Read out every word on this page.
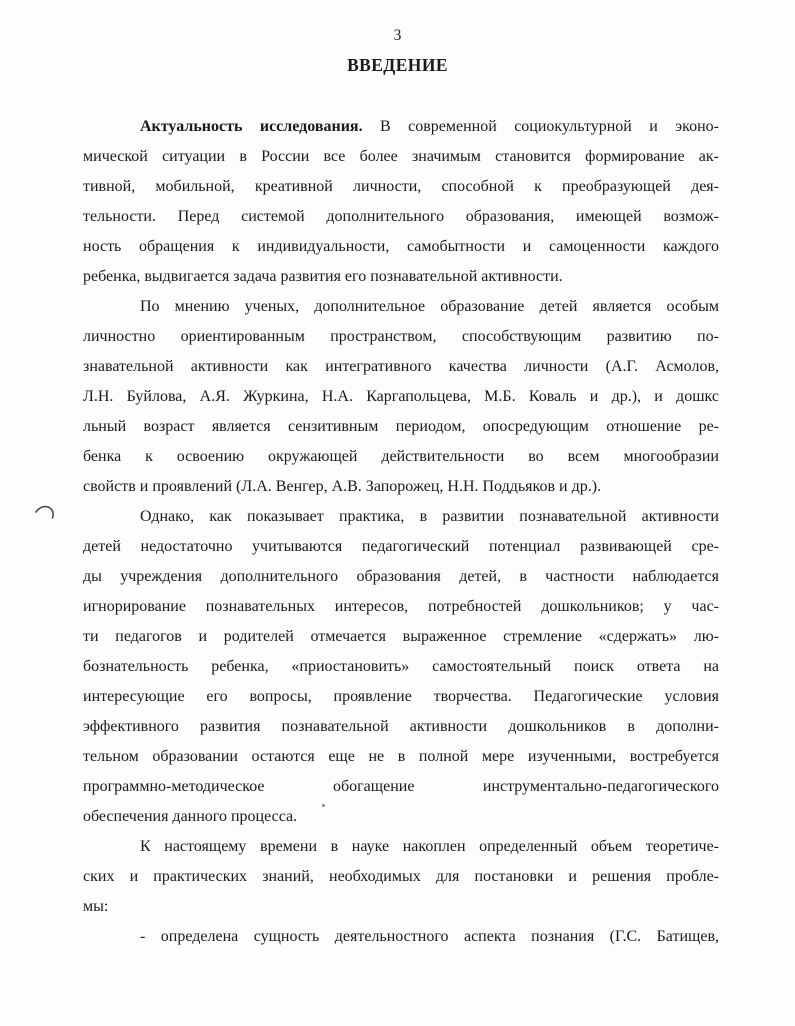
3
ВВЕДЕНИЕ
Актуальность исследования. В современной социокультурной и эконо-
мической ситуации в России все более значимым становится формирование ак-
тивной, мобильной, креативной личности, способной к преобразующей дея-
тельности. Перед системой дополнительного образования, имеющей возмож-
ность обращения к индивидуальности, самобытности и самоценности каждого
ребенка, выдвигается задача развития его познавательной активности.
По мнению ученых, дополнительное образование детей является особым
личностно ориентированным пространством, способствующим развитию по-
знавательной активности как интегративного качества личности (А.Г. Асмолов,
Л.Н. Буйлова, А.Я. Журкина, Н.А. Каргапольцева, М.Б. Коваль и др.), и дошкс
льный возраст является сензитивным периодом, опосредующим отношение ре-
бенка к освоению окружающей действительности во всем многообразии
свойств и проявлений (Л.А. Венгер, А.В. Запорожец, Н.Н. Поддьяков и др.).
Однако, как показывает практика, в развитии познавательной активности
детей недостаточно учитываются педагогический потенциал развивающей сре-
ды учреждения дополнительного образования детей, в частности наблюдается
игнорирование познавательных интересов, потребностей дошкольников; у час-
ти педагогов и родителей отмечается выраженное стремление «сдержать» лю-
бознательность ребенка, «приостановить» самостоятельный поиск ответа на
интересующие его вопросы, проявление творчества. Педагогические условия
эффективного развития познавательной активности дошкольников в дополни-
тельном образовании остаются еще не в полной мере изученными, востребуется
программно-методическое обогащение инструментально-педагогического
обеспечения данного процесса.
К настоящему времени в науке накоплен определенный объем теоретиче-
ских и практических знаний, необходимых для постановки и решения пробле-
мы:
- определена сущность деятельностного аспекта познания (Г.С. Батищев,
